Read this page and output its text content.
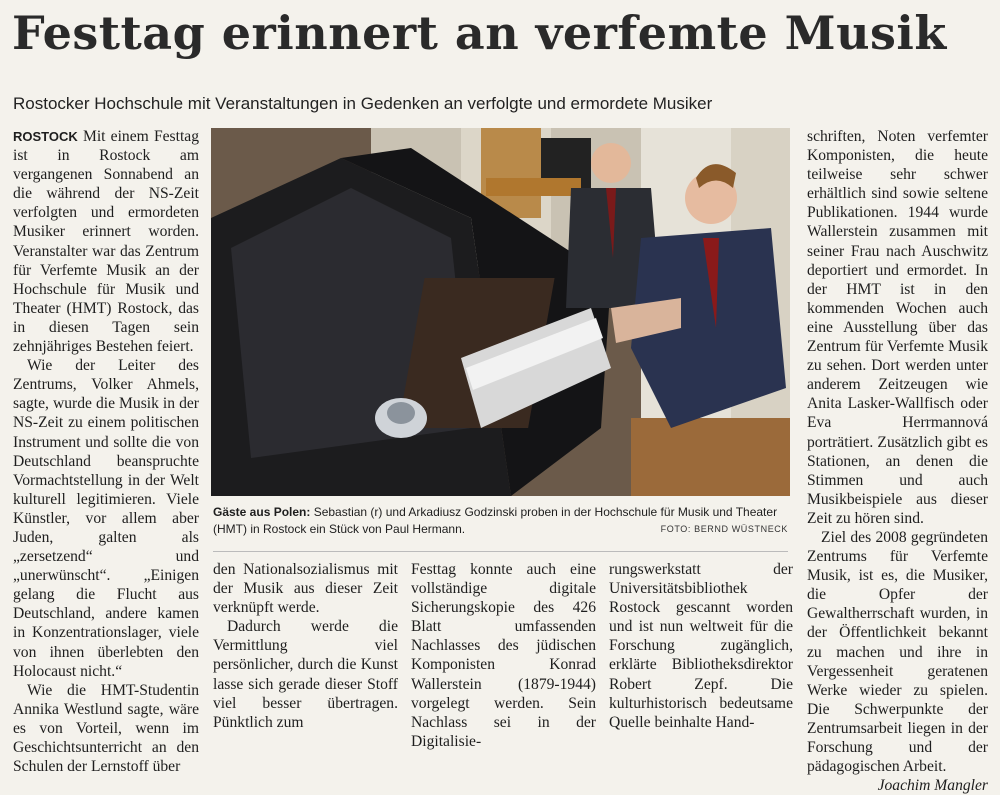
Festtag erinnert an verfemte Musik
Rostocker Hochschule mit Veranstaltungen in Gedenken an verfolgte und ermordete Musiker

ROSTOCK Mit einem Festtag ist in Rostock am vergangenen Sonnabend an die während der NS-Zeit verfolgten und ermordeten Musiker erinnert worden. Veranstalter war das Zentrum für Verfemte Musik an der Hochschule für Musik und Theater (HMT) Rostock, das in diesen Tagen sein zehnjähriges Bestehen feiert.

Wie der Leiter des Zentrums, Volker Ahmels, sagte, wurde die Musik in der NS-Zeit zu einem politischen Instrument und sollte die von Deutschland beanspruchte Vormachtstellung in der Welt kulturell legitimieren. Viele Künstler, vor allem aber Juden, galten als „zersetzend“ und „unerwünscht“. „Einigen gelang die Flucht aus Deutschland, andere kamen in Konzentrationslager, viele von ihnen überlebten den Holocaust nicht.“

Wie die HMT-Studentin Annika Westlund sagte, wäre es von Vorteil, wenn im Geschichtsunterricht an den Schulen der Lernstoff über

Gäste aus Polen: Sebastian (r) und Arkadiusz Godzinski proben in der Hochschule für Musik und Theater (HMT) in Rostock ein Stück von Paul Hermann.	FOTO: BERND WÜSTNECK

den Nationalsozialismus mit der Musik aus dieser Zeit verknüpft werde.

Dadurch werde die Vermittlung viel persönlicher, durch die Kunst lasse sich gerade dieser Stoff viel besser übertragen. Pünktlich zum

Festtag konnte auch eine vollständige digitale Sicherungskopie des 426 Blatt umfassenden Nachlasses des jüdischen Komponisten Konrad Wallerstein (1879-1944) vorgelegt werden. Sein Nachlass sei in der Digitalisie-

rungswerkstatt der Universitätsbibliothek Rostock gescannt worden und ist nun weltweit für die Forschung zugänglich, erklärte Bibliotheksdirektor Robert Zepf. Die kulturhistorisch bedeutsame Quelle beinhalte Hand-

schriften, Noten verfemter Komponisten, die heute teilweise sehr schwer erhältlich sind sowie seltene Publikationen. 1944 wurde Wallerstein zusammen mit seiner Frau nach Auschwitz deportiert und ermordet. In der HMT ist in den kommenden Wochen auch eine Ausstellung über das Zentrum für Verfemte Musik zu sehen. Dort werden unter anderem Zeitzeugen wie Anita Lasker-Wallfisch oder Eva Herrmannová porträtiert. Zusätzlich gibt es Stationen, an denen die Stimmen und auch Musikbeispiele aus dieser Zeit zu hören sind.

Ziel des 2008 gegründeten Zentrums für Verfemte Musik, ist es, die Musiker, die Opfer der Gewaltherrschaft wurden, in der Öffentlichkeit bekannt zu machen und ihre in Vergessenheit geratenen Werke wieder zu spielen. Die Schwerpunkte der Zentrumsarbeit liegen in der Forschung und der pädagogischen Arbeit.

Joachim Mangler
